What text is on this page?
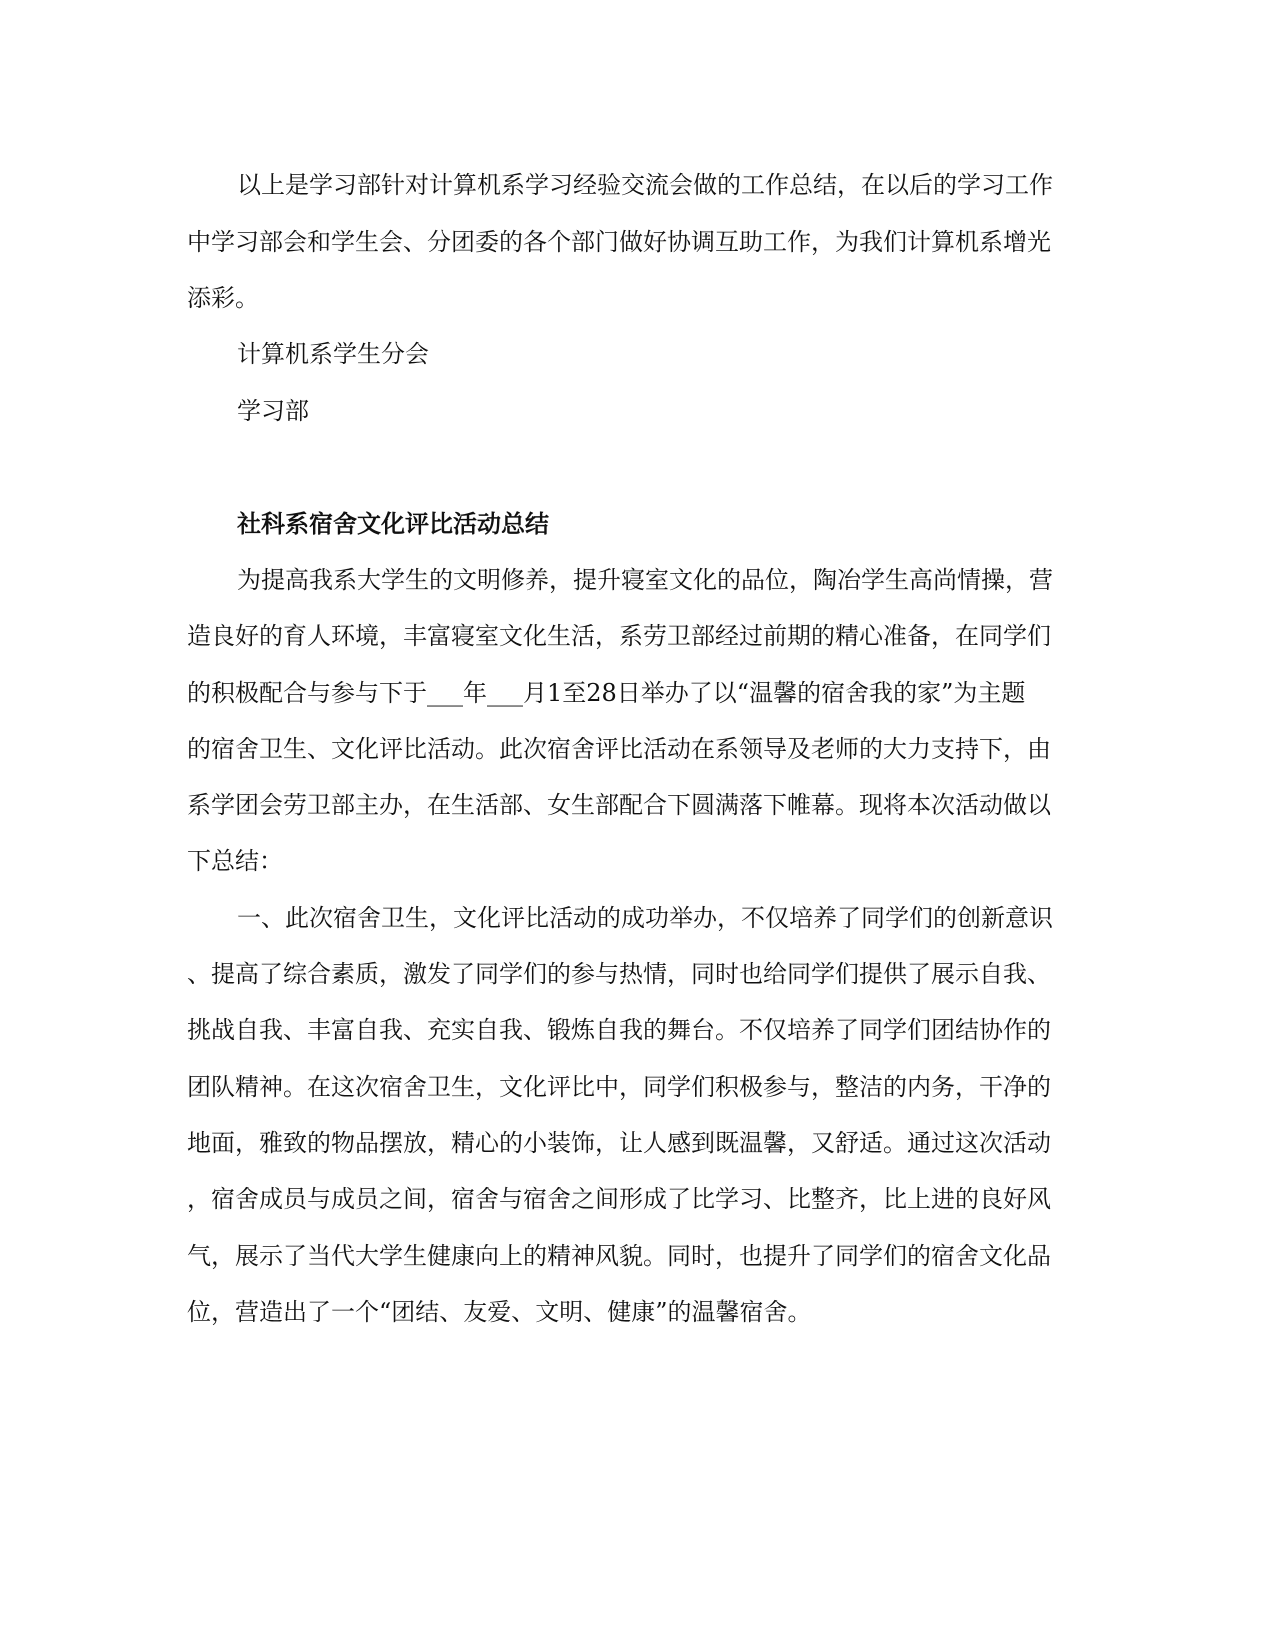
以上是学习部针对计算机系学习经验交流会做的工作总结，在以后的学习工作
中学习部会和学生会、分团委的各个部门做好协调互助工作，为我们计算机系增光
添彩。
计算机系学生分会
学习部
社科系宿舍文化评比活动总结
为提高我系大学生的文明修养，提升寝室文化的品位，陶冶学生高尚情操，营
造良好的育人环境，丰富寝室文化生活，系劳卫部经过前期的精心准备，在同学们
的积极配合与参与下于___年___月1至28日举办了以“温馨的宿舍我的家”为主题
的宿舍卫生、文化评比活动。此次宿舍评比活动在系领导及老师的大力支持下，由
系学团会劳卫部主办，在生活部、女生部配合下圆满落下帷幕。现将本次活动做以
下总结：
一、此次宿舍卫生，文化评比活动的成功举办，不仅培养了同学们的创新意识
、提高了综合素质，激发了同学们的参与热情，同时也给同学们提供了展示自我、
挑战自我、丰富自我、充实自我、锻炼自我的舞台。不仅培养了同学们团结协作的
团队精神。在这次宿舍卫生，文化评比中，同学们积极参与，整洁的内务，干净的
地面，雅致的物品摆放，精心的小装饰，让人感到既温馨，又舒适。通过这次活动
，宿舍成员与成员之间，宿舍与宿舍之间形成了比学习、比整齐，比上进的良好风
气，展示了当代大学生健康向上的精神风貌。同时，也提升了同学们的宿舍文化品
位，营造出了一个“团结、友爱、文明、健康”的温馨宿舍。
